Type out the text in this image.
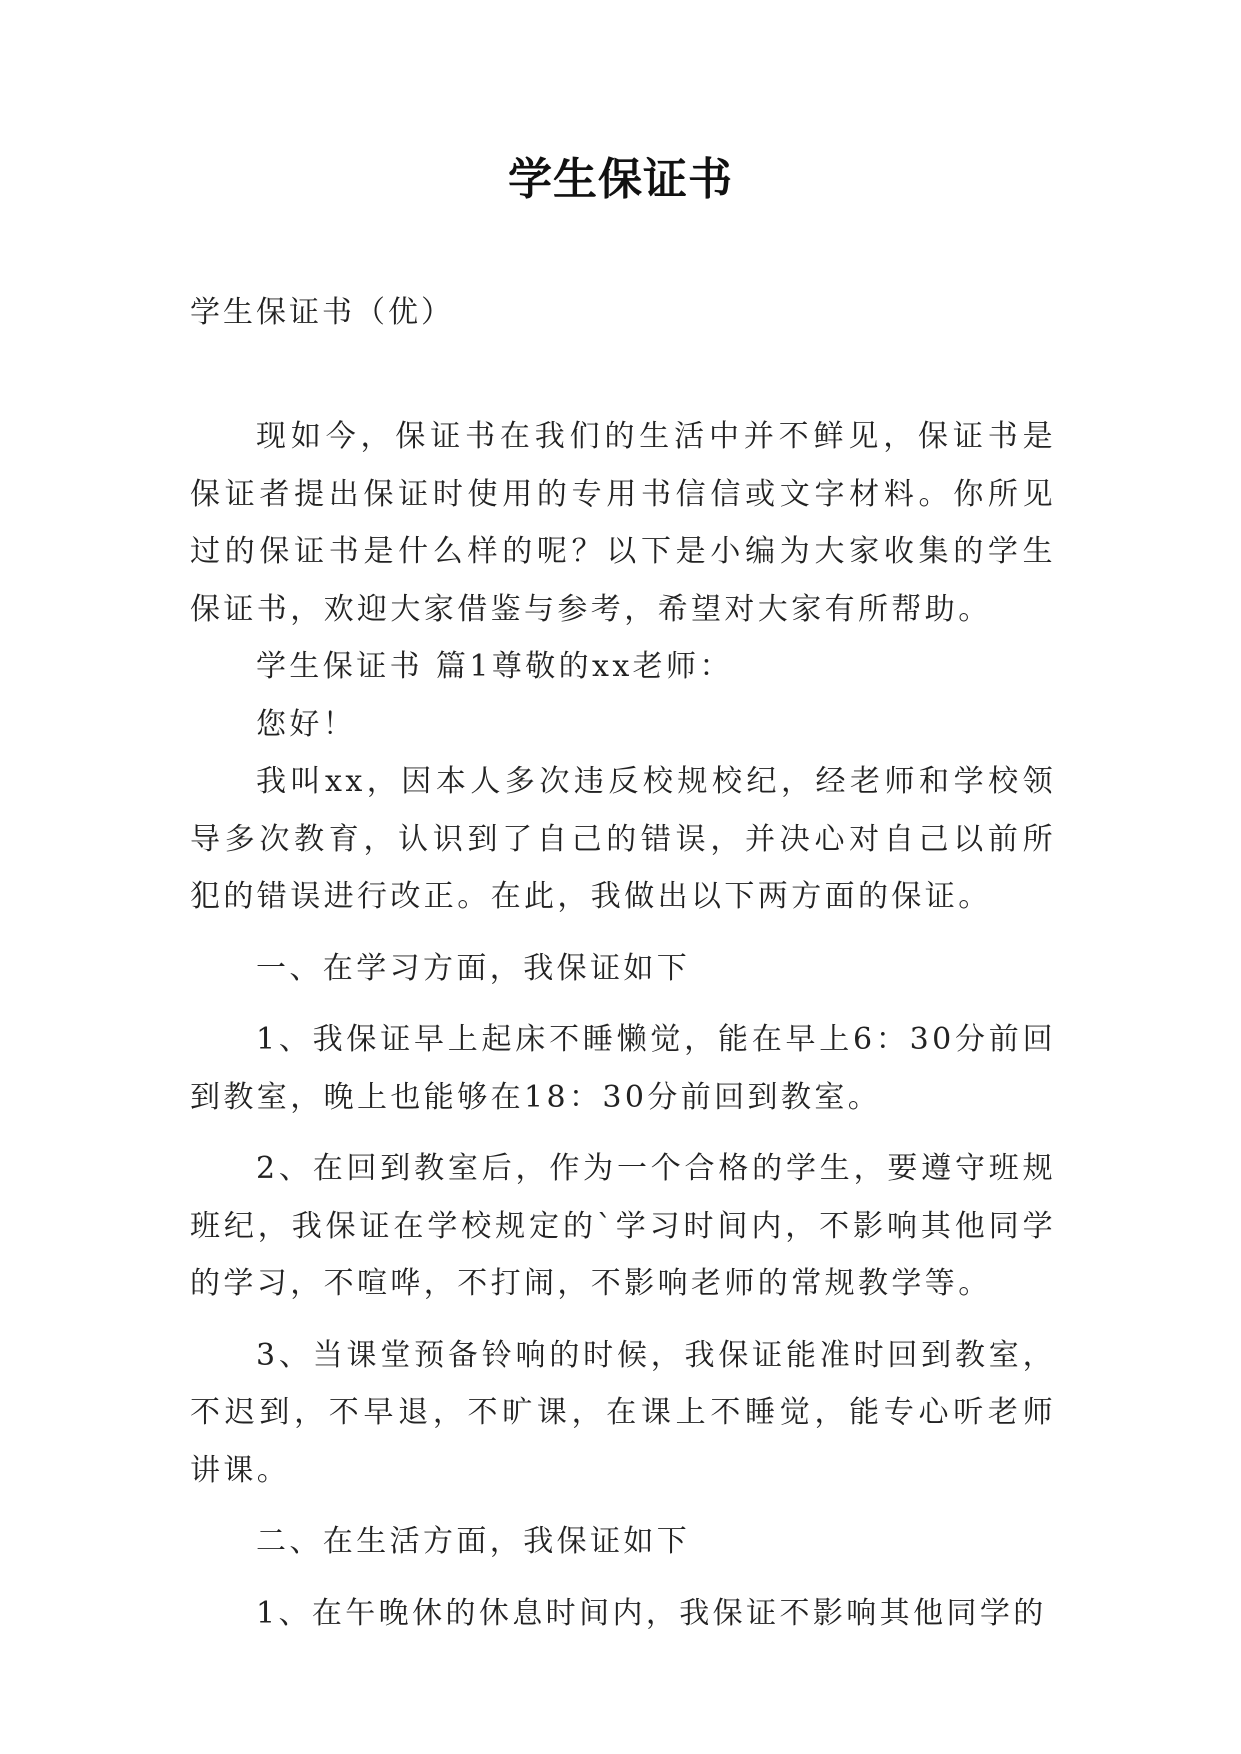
学生保证书
学生保证书（优）

现如今，保证书在我们的生活中并不鲜见，保证书是保证者提出保证时使用的专用书信信或文字材料。你所见过的保证书是什么样的呢？以下是小编为大家收集的学生保证书，欢迎大家借鉴与参考，希望对大家有所帮助。

学生保证书 篇1尊敬的xx老师：

您好！

我叫xx，因本人多次违反校规校纪，经老师和学校领导多次教育，认识到了自己的错误，并决心对自己以前所犯的错误进行改正。在此，我做出以下两方面的保证。

一、在学习方面，我保证如下

1、我保证早上起床不睡懒觉，能在早上6：30分前回到教室，晚上也能够在18：30分前回到教室。

2、在回到教室后，作为一个合格的学生，要遵守班规班纪，我保证在学校规定的`学习时间内，不影响其他同学的学习，不喧哗，不打闹，不影响老师的常规教学等。

3、当课堂预备铃响的时候，我保证能准时回到教室，不迟到，不早退，不旷课，在课上不睡觉，能专心听老师讲课。

二、在生活方面，我保证如下

1、在午晚休的休息时间内，我保证不影响其他同学的
